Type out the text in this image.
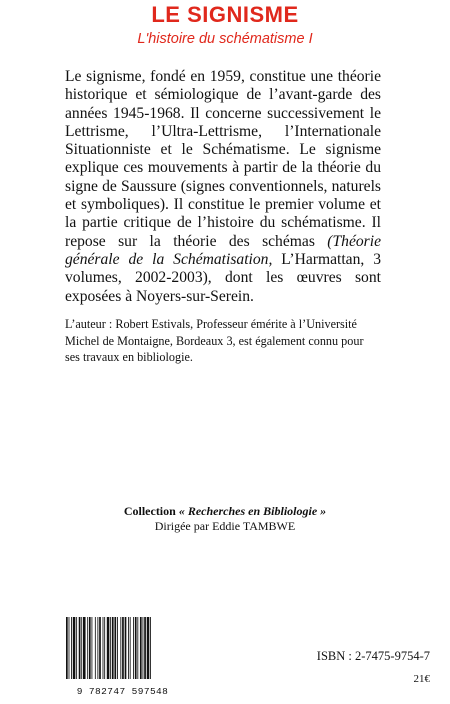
LE SIGNISME
L'histoire du schématisme I

Le signisme, fondé en 1959, constitue une théorie historique et sémiologique de l’avant-garde des années 1945-1968. Il concerne successivement le Lettrisme, l’Ultra-Lettrisme, l’Internationale Situationniste et le Schématisme. Le signisme explique ces mouvements à partir de la théorie du signe de Saussure (signes conventionnels, naturels et symboliques). Il constitue le premier volume et la partie critique de l’histoire du schématisme. Il repose sur la théorie des schémas (Théorie générale de la Schématisation, L’Harmattan, 3 volumes, 2002-2003), dont les œuvres sont exposées à Noyers-sur-Serein.

L’auteur : Robert Estivals, Professeur émérite à l’Université Michel de Montaigne, Bordeaux 3, est également connu pour ses travaux en bibliologie.

Collection « Recherches en Bibliologie »
Dirigée par Eddie TAMBWE
9 782747 597548
ISBN : 2-7475-9754-7
21€
